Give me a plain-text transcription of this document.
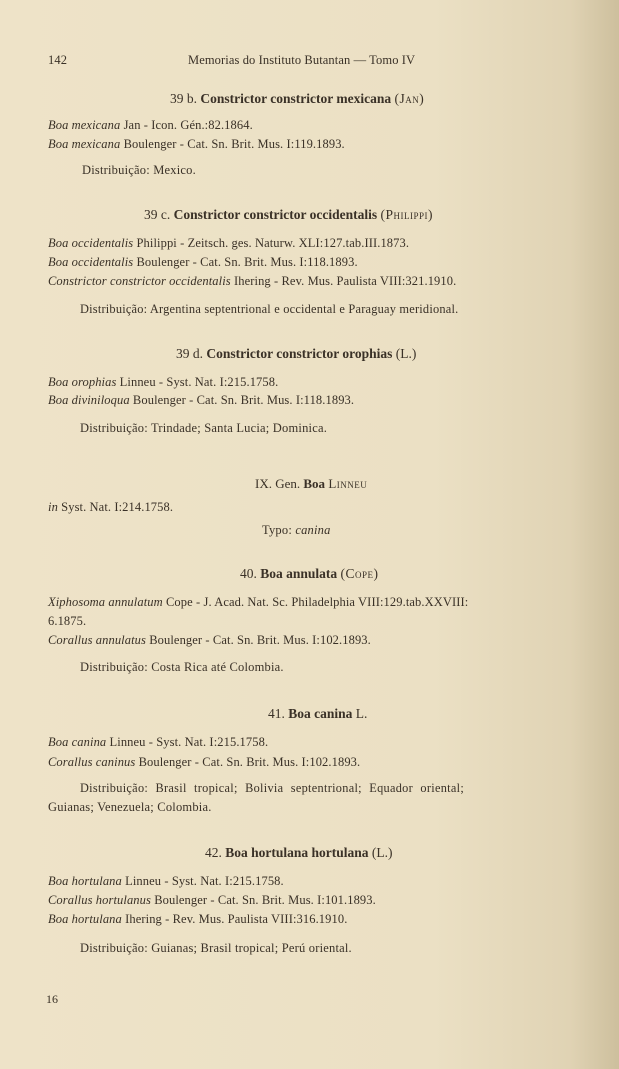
142	Memorias do Instituto Butantan — Tomo IV
39 b. Constrictor constrictor mexicana (Jan)
Boa mexicana Jan - Icon. Gén.:82.1864.
Boa mexicana Boulenger - Cat. Sn. Brit. Mus. I:119.1893.
Distribuição: Mexico.
39 c. Constrictor constrictor occidentalis (Philippi)
Boa occidentalis Philippi - Zeitsch. ges. Naturw. XLI:127.tab.III.1873.
Boa occidentalis Boulenger - Cat. Sn. Brit. Mus. I:118.1893.
Constrictor constrictor occidentalis Ihering - Rev. Mus. Paulista VIII:321.1910.
Distribuição: Argentina septentrional e occidental e Paraguay meridional.
39 d. Constrictor constrictor orophias (L.)
Boa orophias Linneu - Syst. Nat. I:215.1758.
Boa diviniloqua Boulenger - Cat. Sn. Brit. Mus. I:118.1893.
Distribuição: Trindade; Santa Lucia; Dominica.
IX. Gen. Boa Linneu
in Syst. Nat. I:214.1758.
Typo: canina
40. Boa annulata (Cope)
Xiphosoma annulatum Cope - J. Acad. Nat. Sc. Philadelphia VIII:129.tab.XXVIII:
6.1875.
Corallus annulatus Boulenger - Cat. Sn. Brit. Mus. I:102.1893.
Distribuição: Costa Rica até Colombia.
41. Boa canina L.
Boa canina Linneu - Syst. Nat. I:215.1758.
Corallus caninus Boulenger - Cat. Sn. Brit. Mus. I:102.1893.
Distribuição: Brasil tropical; Bolivia septentrional; Equador oriental;
Guianas; Venezuela; Colombia.
42. Boa hortulana hortulana (L.)
Boa hortulana Linneu - Syst. Nat. I:215.1758.
Corallus hortulanus Boulenger - Cat. Sn. Brit. Mus. I:101.1893.
Boa hortulana Ihering - Rev. Mus. Paulista VIII:316.1910.
Distribuição: Guianas; Brasil tropical; Perú oriental.
16
